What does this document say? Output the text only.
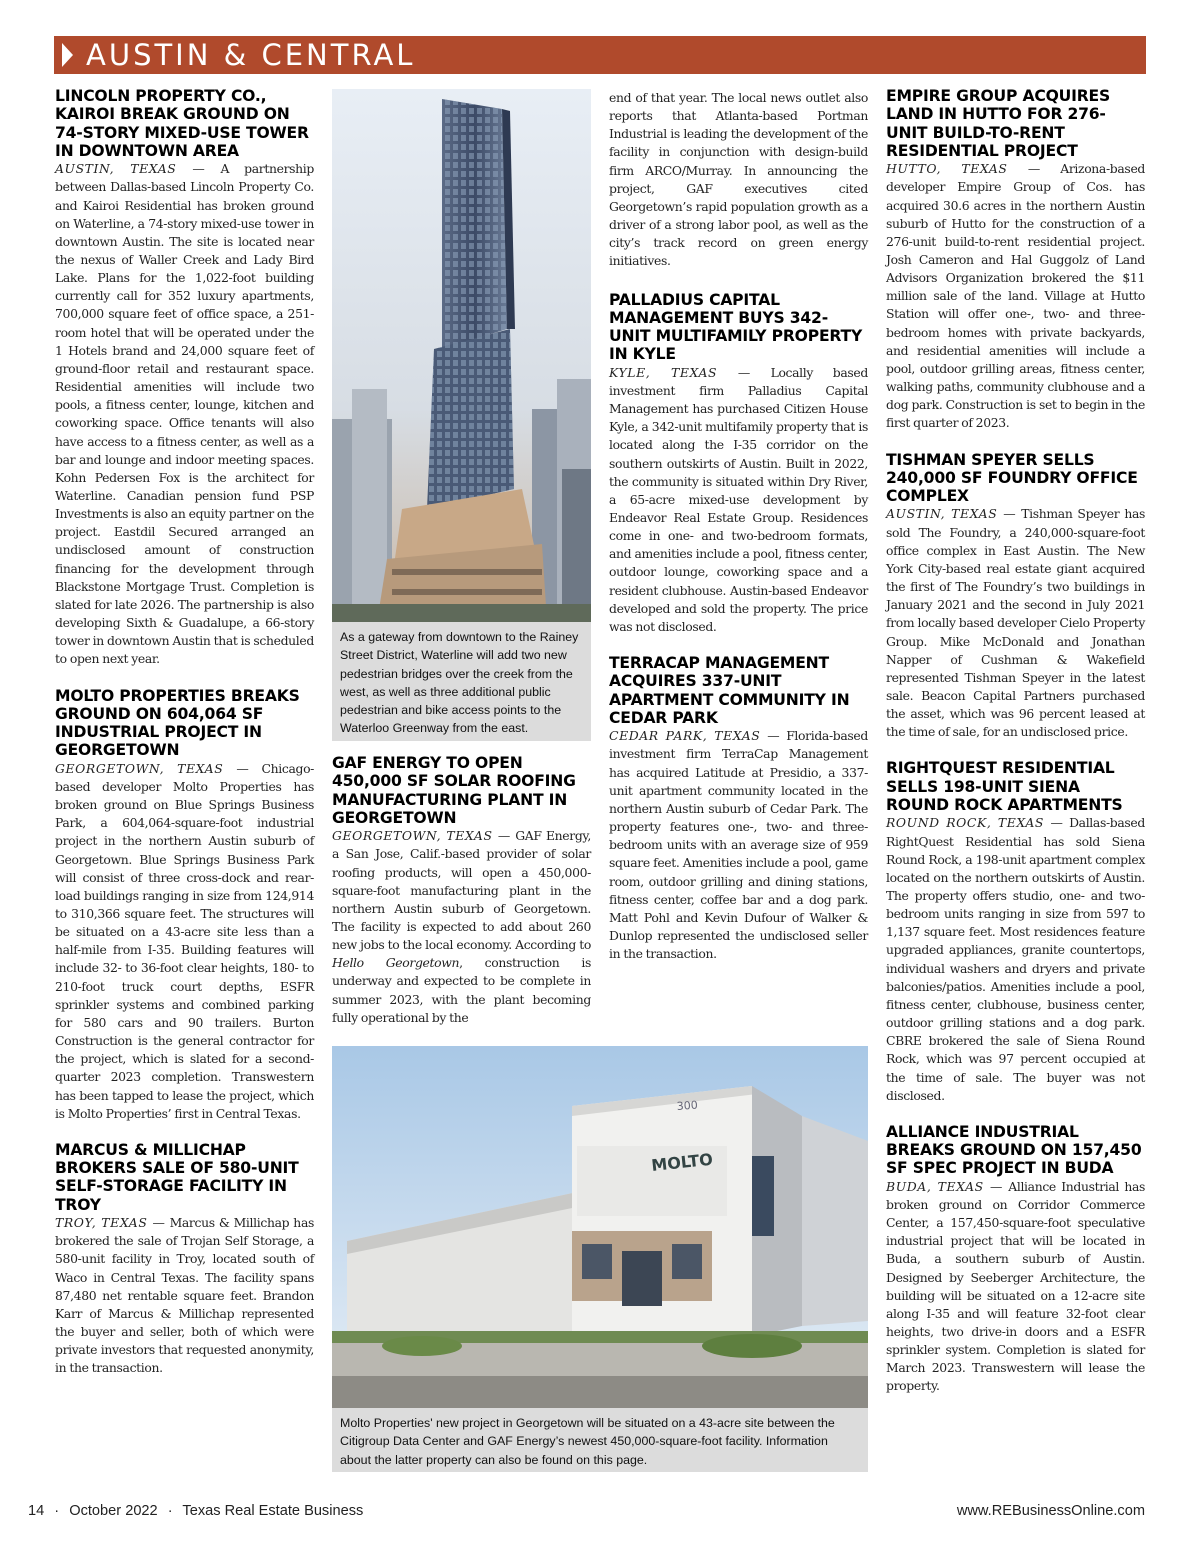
AUSTIN & CENTRAL
LINCOLN PROPERTY CO., KAIROI BREAK GROUND ON 74-STORY MIXED-USE TOWER IN DOWNTOWN AREA

AUSTIN, TEXAS — A partnership between Dallas-based Lincoln Property Co. and Kairoi Residential has broken ground on Waterline, a 74-story mixed-use tower in downtown Austin. The site is located near the nexus of Waller Creek and Lady Bird Lake. Plans for the 1,022-foot building currently call for 352 luxury apartments, 700,000 square feet of office space, a 251-room hotel that will be operated under the 1 Hotels brand and 24,000 square feet of ground-floor retail and restaurant space. Residential amenities will include two pools, a fitness center, lounge, kitchen and coworking space. Office tenants will also have access to a fitness center, as well as a bar and lounge and indoor meeting spaces. Kohn Pedersen Fox is the architect for Waterline. Canadian pension fund PSP Investments is also an equity partner on the project. Eastdil Secured arranged an undisclosed amount of construction financing for the development through Blackstone Mortgage Trust. Completion is slated for late 2026. The partnership is also developing Sixth & Guadalupe, a 66-story tower in downtown Austin that is scheduled to open next year.

MOLTO PROPERTIES BREAKS GROUND ON 604,064 SF INDUSTRIAL PROJECT IN GEORGETOWN

GEORGETOWN, TEXAS — Chicago-based developer Molto Properties has broken ground on Blue Springs Business Park, a 604,064-square-foot industrial project in the northern Austin suburb of Georgetown. Blue Springs Business Park will consist of three cross-dock and rear-load buildings ranging in size from 124,914 to 310,366 square feet. The structures will be situated on a 43-acre site less than a half-mile from I-35. Building features will include 32- to 36-foot clear heights, 180- to 210-foot truck court depths, ESFR sprinkler systems and combined parking for 580 cars and 90 trailers. Burton Construction is the general contractor for the project, which is slated for a second-quarter 2023 completion. Transwestern has been tapped to lease the project, which is Molto Properties’ first in Central Texas.

MARCUS & MILLICHAP BROKERS SALE OF 580-UNIT SELF-STORAGE FACILITY IN TROY

TROY, TEXAS — Marcus & Millichap has brokered the sale of Trojan Self Storage, a 580-unit facility in Troy, located south of Waco in Central Texas. The facility spans 87,480 net rentable square feet. Brandon Karr of Marcus & Millichap represented the buyer and seller, both of which were private investors that requested anonymity, in the transaction.

As a gateway from downtown to the Rainey Street District, Waterline will add two new pedestrian bridges over the creek from the west, as well as three additional public pedestrian and bike access points to the Waterloo Greenway from the east.
GAF ENERGY TO OPEN 450,000 SF SOLAR ROOFING MANUFACTURING PLANT IN GEORGETOWN

GEORGETOWN, TEXAS — GAF Energy, a San Jose, Calif.-based provider of solar roofing products, will open a 450,000-square-foot manufacturing plant in the northern Austin suburb of Georgetown. The facility is expected to add about 260 new jobs to the local economy. According to Hello Georgetown, construction is underway and expected to be complete in summer 2023, with the plant becoming fully operational by the

end of that year. The local news outlet also reports that Atlanta-based Portman Industrial is leading the development of the facility in conjunction with design-build firm ARCO/Murray. In announcing the project, GAF executives cited Georgetown’s rapid population growth as a driver of a strong labor pool, as well as the city’s track record on green energy initiatives.

PALLADIUS CAPITAL MANAGEMENT BUYS 342-UNIT MULTIFAMILY PROPERTY IN KYLE

KYLE, TEXAS — Locally based investment firm Palladius Capital Management has purchased Citizen House Kyle, a 342-unit multifamily property that is located along the I-35 corridor on the southern outskirts of Austin. Built in 2022, the community is situated within Dry River, a 65-acre mixed-use development by Endeavor Real Estate Group. Residences come in one- and two-bedroom formats, and amenities include a pool, fitness center, outdoor lounge, coworking space and a resident clubhouse. Austin-based Endeavor developed and sold the property. The price was not disclosed.

TERRACAP MANAGEMENT ACQUIRES 337-UNIT APARTMENT COMMUNITY IN CEDAR PARK

CEDAR PARK, TEXAS — Florida-based investment firm TerraCap Management has acquired Latitude at Presidio, a 337-unit apartment community located in the northern Austin suburb of Cedar Park. The property features one-, two- and three-bedroom units with an average size of 959 square feet. Amenities include a pool, game room, outdoor grilling and dining stations, fitness center, coffee bar and a dog park. Matt Pohl and Kevin Dufour of Walker & Dunlop represented the undisclosed seller in the transaction.

MOLTO
300
Molto Properties' new project in Georgetown will be situated on a 43-acre site between the Citigroup Data Center and GAF Energy’s newest 450,000-square-foot facility. Information about the latter property can also be found on this page.
EMPIRE GROUP ACQUIRES LAND IN HUTTO FOR 276-UNIT BUILD-TO-RENT RESIDENTIAL PROJECT

HUTTO, TEXAS — Arizona-based developer Empire Group of Cos. has acquired 30.6 acres in the northern Austin suburb of Hutto for the construction of a 276-unit build-to-rent residential project. Josh Cameron and Hal Guggolz of Land Advisors Organization brokered the $11 million sale of the land. Village at Hutto Station will offer one-, two- and three-bedroom homes with private backyards, and residential amenities will include a pool, outdoor grilling areas, fitness center, walking paths, community clubhouse and a dog park. Construction is set to begin in the first quarter of 2023.

TISHMAN SPEYER SELLS 240,000 SF FOUNDRY OFFICE COMPLEX

AUSTIN, TEXAS — Tishman Speyer has sold The Foundry, a 240,000-square-foot office complex in East Austin. The New York City-based real estate giant acquired the first of The Foundry’s two buildings in January 2021 and the second in July 2021 from locally based developer Cielo Property Group. Mike McDonald and Jonathan Napper of Cushman & Wakefield represented Tishman Speyer in the latest sale. Beacon Capital Partners purchased the asset, which was 96 percent leased at the time of sale, for an undisclosed price.

RIGHTQUEST RESIDENTIAL SELLS 198-UNIT SIENA ROUND ROCK APARTMENTS

ROUND ROCK, TEXAS — Dallas-based RightQuest Residential has sold Siena Round Rock, a 198-unit apartment complex located on the northern outskirts of Austin. The property offers studio, one- and two-bedroom units ranging in size from 597 to 1,137 square feet. Most residences feature upgraded appliances, granite countertops, individual washers and dryers and private balconies/patios. Amenities include a pool, fitness center, clubhouse, business center, outdoor grilling stations and a dog park. CBRE brokered the sale of Siena Round Rock, which was 97 percent occupied at the time of sale. The buyer was not disclosed.

ALLIANCE INDUSTRIAL BREAKS GROUND ON 157,450 SF SPEC PROJECT IN BUDA

BUDA, TEXAS — Alliance Industrial has broken ground on Corridor Commerce Center, a 157,450-square-foot speculative industrial project that will be located in Buda, a southern suburb of Austin. Designed by Seeberger Architecture, the building will be situated on a 12-acre site along I-35 and will feature 32-foot clear heights, two drive-in doors and a ESFR sprinkler system. Completion is slated for March 2023. Transwestern will lease the property.

14 · October 2022 · Texas Real Estate Business	www.REBusinessOnline.com
